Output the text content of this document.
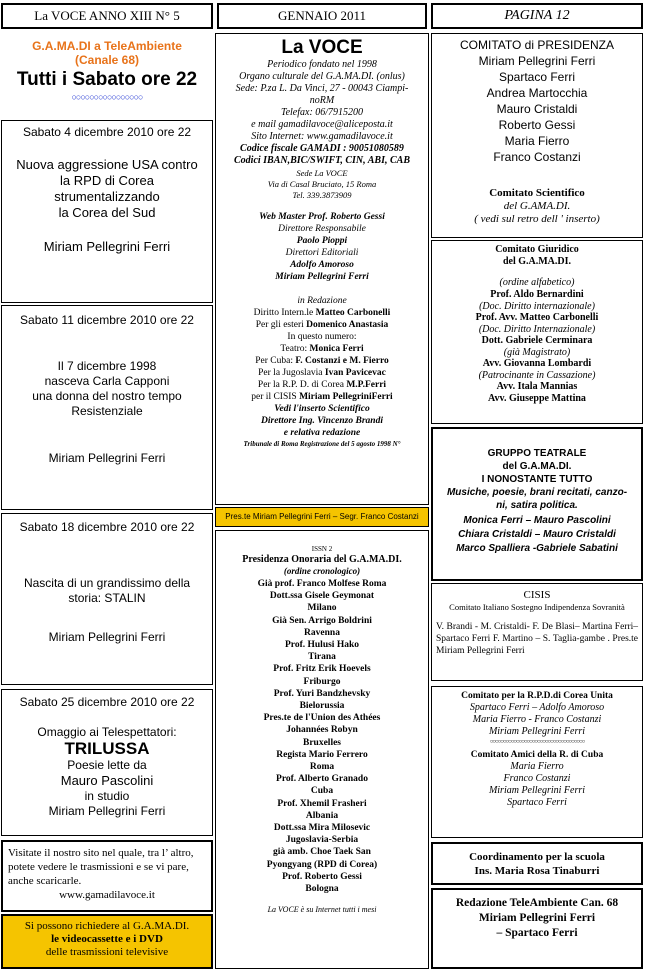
La VOCE ANNO XIII N° 5	GENNAIO 2011	PAGINA 12
G.A.MA.DI a TeleAmbiente
(Canale 68)
Tutti i Sabato ore 22
○○○○○○○○○○○○○○○○
Sabato 4 dicembre 2010 ore 22
Nuova aggressione USA contro
la RPD di Corea
strumentalizzando
la Corea del Sud
Miriam Pellegrini Ferri
Sabato 11 dicembre 2010 ore 22
Il 7 dicembre 1998
nasceva Carla Capponi
una donna del nostro tempo
Resistenziale
Miriam Pellegrini Ferri
Sabato 18 dicembre 2010 ore 22
Nascita di un grandissimo della
storia: STALIN
Miriam Pellegrini Ferri
Sabato 25 dicembre 2010 ore 22
Omaggio ai Telespettatori:
TRILUSSA
Poesie lette da
Mauro Pascolini
in studio
Miriam Pellegrini Ferri
Visitate il nostro sito nel quale, tra l’ altro, potete vedere le trasmissioni e se vi pare, anche scaricarle.
www.gamadilavoce.it
Si possono richiedere al G.A.MA.DI.
le videocassette e i DVD
delle trasmissioni televisive
La VOCE
Periodico fondato nel 1998
Organo culturale del G.A.MA.DI. (onlus)
Sede: P.za L. Da Vinci, 27 - 00043 Ciampi-
noRM
Telefax: 06/7915200
e mail gamadilavoce@aliceposta.it
Sito Internet: www.gamadilavoce.it
Codice fiscale GAMADI : 90051080589
Codici IBAN,BIC/SWIFT, CIN, ABI, CAB
Sede La VOCE
Via di Casal Bruciato, 15 Roma
Tel. 339.3873909
Web Master Prof. Roberto Gessi
Direttore Responsabile
Paolo Pioppi
Direttori Editoriali
Adolfo Amoroso
Miriam Pellegrini Ferri
in Redazione
Diritto Intern.le Matteo Carbonelli
Per gli esteri Domenico Anastasia
In questo numero:
Teatro: Monica Ferri
Per Cuba: F. Costanzi e M. Fierro
Per la Jugoslavia Ivan Pavicevac
Per la R.P. D. di Corea M.P.Ferri
per il CISIS Miriam PellegriniFerri
Vedi l'inserto Scientifico
Direttore Ing. Vincenzo Brandi
e relativa redazione
Tribunale di Roma Registrazione del 5 agosto 1998 N°
Pres.te Miriam Pellegrini Ferri – Segr. Franco Costanzi
ISSN 2
Presidenza Onoraria del G.A.MA.DI.
(ordine cronologico)
Già prof. Franco Molfese Roma
Dott.ssa Gisele Geymonat
Milano
Già Sen. Arrigo Boldrini
Ravenna
Prof. Hulusi Hako
Tirana
Prof. Fritz Erik Hoevels
Friburgo
Prof. Yuri Bandzhevsky
Bielorussia
Pres.te de l'Union des Athées
Johannées Robyn
Bruxelles
Regista Mario Ferrero
Roma
Prof. Alberto Granado
Cuba
Prof. Xhemil Frasheri
Albania
Dott.ssa Mira Milosevic
Jugoslavia-Serbia
già amb. Choe Taek San
Pyongyang (RPD di Corea)
Prof. Roberto Gessi
Bologna
La VOCE è su Internet tutti i mesi
COMITATO di PRESIDENZA
Miriam Pellegrini Ferri
Spartaco Ferri
Andrea Martocchia
Mauro Cristaldi
Roberto Gessi
Maria Fierro
Franco Costanzi
Comitato Scientifico
del G.AMA.DI.
( vedi sul retro dell ' inserto)
Comitato Giuridico
del G.A.MA.DI.
(ordine alfabetico)
Prof. Aldo Bernardini
(Doc. Diritto internazionale)
Prof. Avv. Matteo Carbonelli
(Doc. Diritto Internazionale)
Dott. Gabriele Cerminara
(già Magistrato)
Avv. Giovanna Lombardi
(Patrocinante in Cassazione)
Avv. Itala Mannias
Avv. Giuseppe Mattina
GRUPPO TEATRALE
del G.A.MA.DI.
I NONOSTANTE TUTTO
Musiche, poesie, brani recitati, canzo-
ni, satira politica.
Monica Ferri – Mauro Pascolini
Chiara Cristaldi – Mauro Cristaldi
Marco Spalliera -Gabriele Sabatini
CISIS
Comitato Italiano Sostegno Indipendenza Sovranità
V. Brandi - M. Cristaldi- F. De Blasi– Martina Ferri– Spartaco Ferri F. Martino – S. Taglia-gambe . Pres.te Miriam Pellegrini Ferri
Comitato per la R.P.D.di Corea Unita
Spartaco Ferri – Adolfo Amoroso
Maria Fierro - Franco Costanzi
Miriam Pellegrini Ferri
○○○○○○○○○○○○○○○○○○○○○○○○○○○○○○○○○○○○
Comitato Amici della R. di Cuba
Maria Fierro
Franco Costanzi
Miriam Pellegrini Ferri
Spartaco Ferri
Coordinamento per la scuola
Ins. Maria Rosa Tinaburri
Redazione TeleAmbiente Can. 68
Miriam Pellegrini Ferri
– Spartaco Ferri
